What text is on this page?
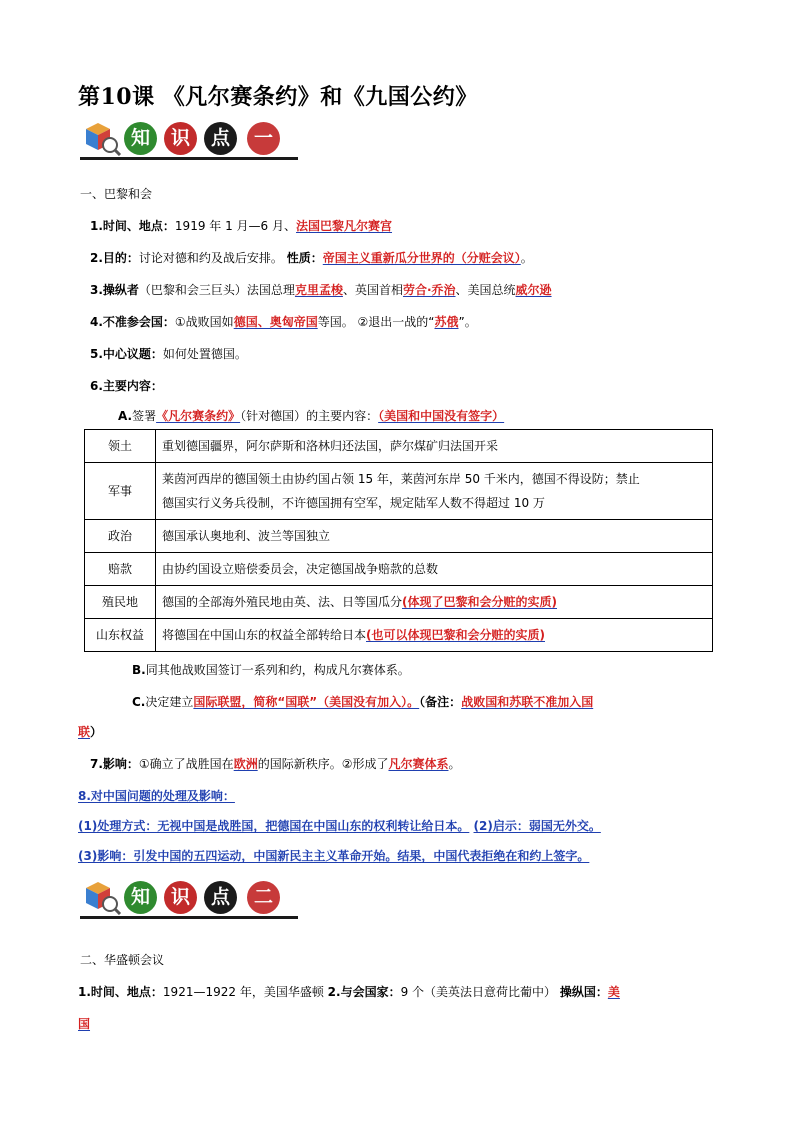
第10课 《凡尔赛条约》和《九国公约》
知	识	点	一
一、巴黎和会
1.时间、地点：1919 年 1 月—6 月、法国巴黎凡尔赛宫
2.目的：讨论对德和约及战后安排。 性质：帝国主义重新瓜分世界的（分赃会议）。
3.操纵者（巴黎和会三巨头）法国总理克里孟梭、英国首相劳合·乔治、美国总统威尔逊
4.不准参会国：①战败国如德国、奥匈帝国等国。 ②退出一战的“苏俄”。
5.中心议题：如何处置德国。
6.主要内容：
A.签署《凡尔赛条约》（针对德国）的主要内容：（美国和中国没有签字）
领土	重划德国疆界，阿尔萨斯和洛林归还法国，萨尔煤矿归法国开采
军事	莱茵河西岸的德国领土由协约国占领 15 年，莱茵河东岸 50 千米内，德国不得设防；禁止
德国实行义务兵役制，不许德国拥有空军，规定陆军人数不得超过 10 万

政治	德国承认奥地利、波兰等国独立
赔款	由协约国设立赔偿委员会，决定德国战争赔款的总数
殖民地	德国的全部海外殖民地由英、法、日等国瓜分(体现了巴黎和会分赃的实质)
山东权益	将德国在中国山东的权益全部转给日本(也可以体现巴黎和会分赃的实质)
B.同其他战败国签订一系列和约，构成凡尔赛体系。
C.决定建立国际联盟，简称“国联”（美国没有加入）。（备注：战败国和苏联不准加入国
联）
7.影响：①确立了战胜国在欧洲的国际新秩序。②形成了凡尔赛体系。
8.对中国问题的处理及影响：
(1)处理方式：无视中国是战胜国，把德国在中国山东的权利转让给日本。 (2)启示：弱国无外交。
(3)影响：引发中国的五四运动，中国新民主主义革命开始。结果，中国代表拒绝在和约上签字。
知	识	点	二
二、华盛顿会议
1.时间、地点：1921—1922 年，美国华盛顿 2.与会国家：9 个（美英法日意荷比葡中） 操纵国：美
国
